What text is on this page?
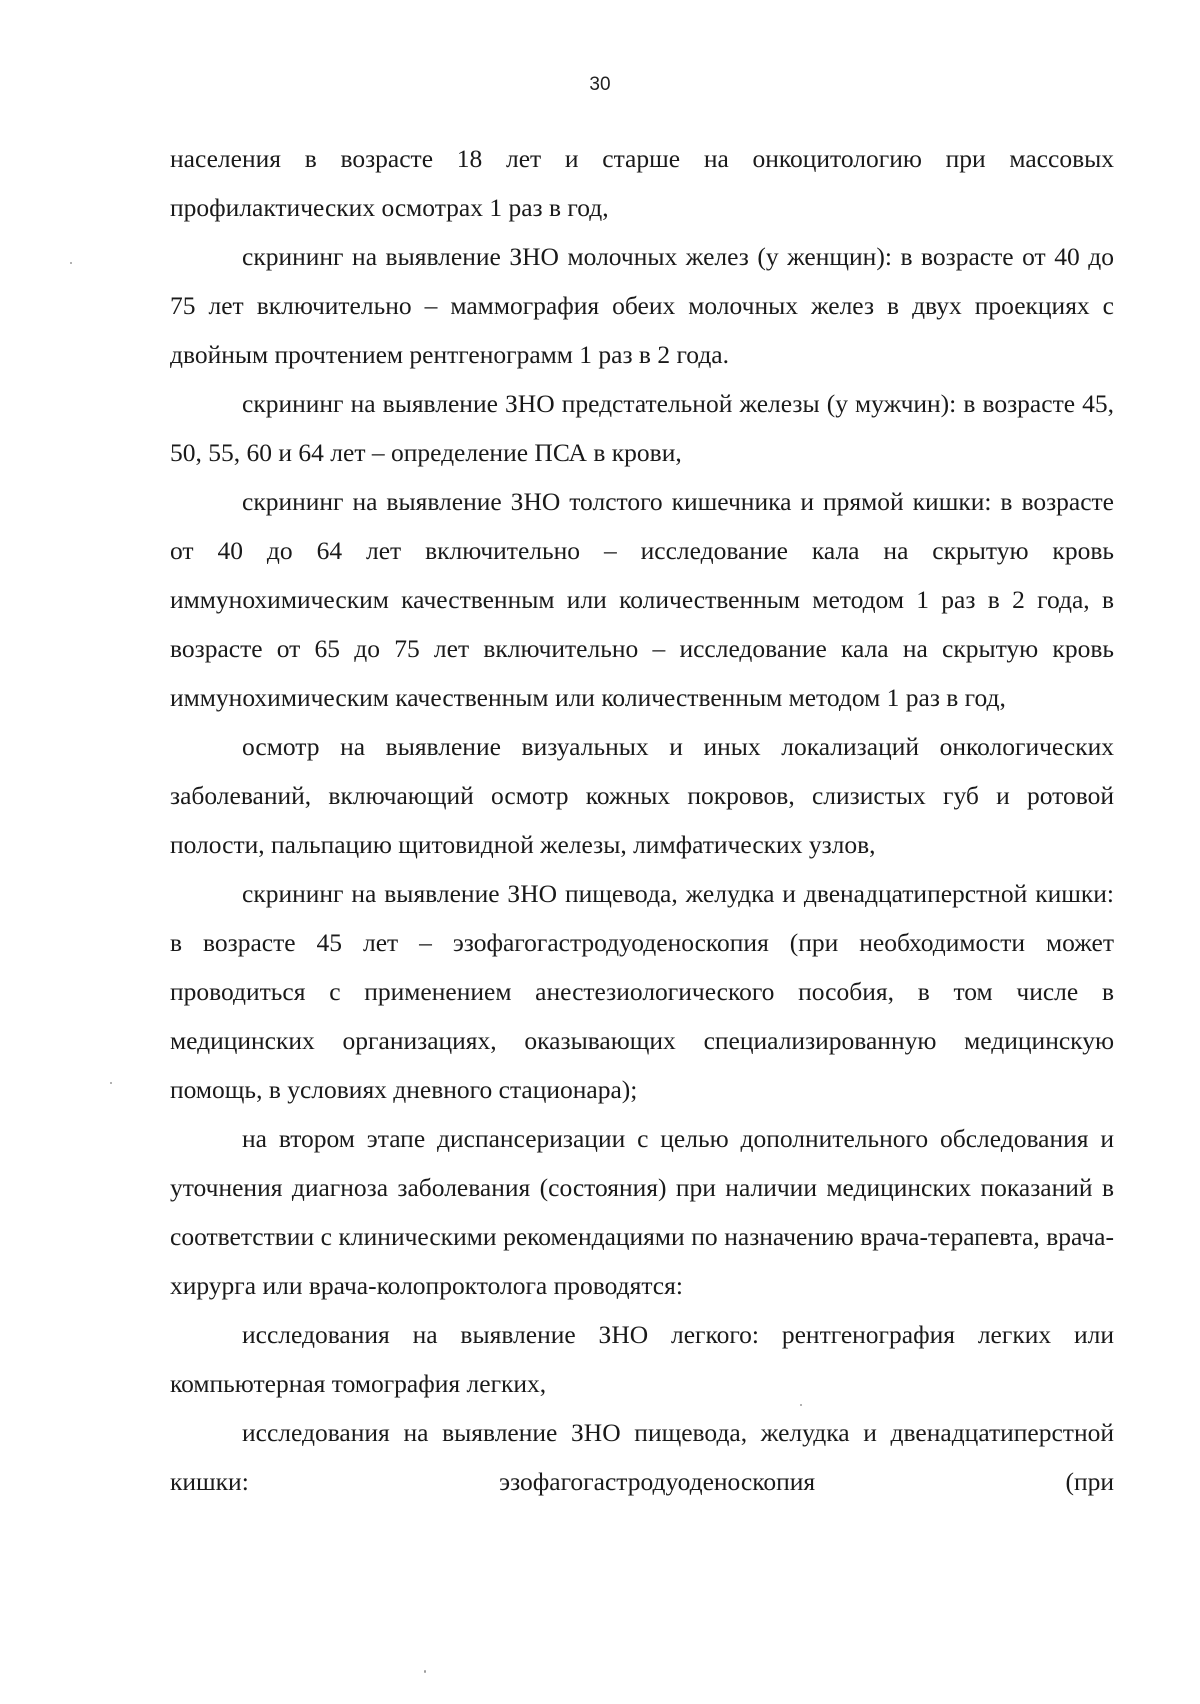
30

населения в возрасте 18 лет и старше на онкоцитологию при массовых профилактических осмотрах 1 раз в год,

скрининг на выявление ЗНО молочных желез (у женщин): в возрасте от 40 до 75 лет включительно – маммография обеих молочных желез в двух проекциях с двойным прочтением рентгенограмм 1 раз в 2 года.

скрининг на выявление ЗНО предстательной железы (у мужчин): в возрасте 45, 50, 55, 60 и 64 лет – определение ПСА в крови,

скрининг на выявление ЗНО толстого кишечника и прямой кишки: в возрасте от 40 до 64 лет включительно – исследование кала на скрытую кровь иммунохимическим качественным или количественным методом 1 раз в 2 года, в возрасте от 65 до 75 лет включительно – исследование кала на скрытую кровь иммунохимическим качественным или количественным методом 1 раз в год,

осмотр на выявление визуальных и иных локализаций онкологических заболеваний, включающий осмотр кожных покровов, слизистых губ и ротовой полости, пальпацию щитовидной железы, лимфатических узлов,

скрининг на выявление ЗНО пищевода, желудка и двенадцатиперстной кишки: в возрасте 45 лет – эзофагогастродуоденоскопия (при необходимости может проводиться с применением анестезиологического пособия, в том числе в медицинских организациях, оказывающих специализированную медицинскую помощь, в условиях дневного стационара);

на втором этапе диспансеризации с целью дополнительного обследования и уточнения диагноза заболевания (состояния) при наличии медицинских показаний в соответствии с клиническими рекомендациями по назначению врача-терапевта, врача-хирурга или врача-колопроктолога проводятся:

исследования на выявление ЗНО легкого: рентгенография легких или компьютерная томография легких,

исследования на выявление ЗНО пищевода, желудка и двенадцатиперстной кишки: эзофагогастродуоденоскопия (при
